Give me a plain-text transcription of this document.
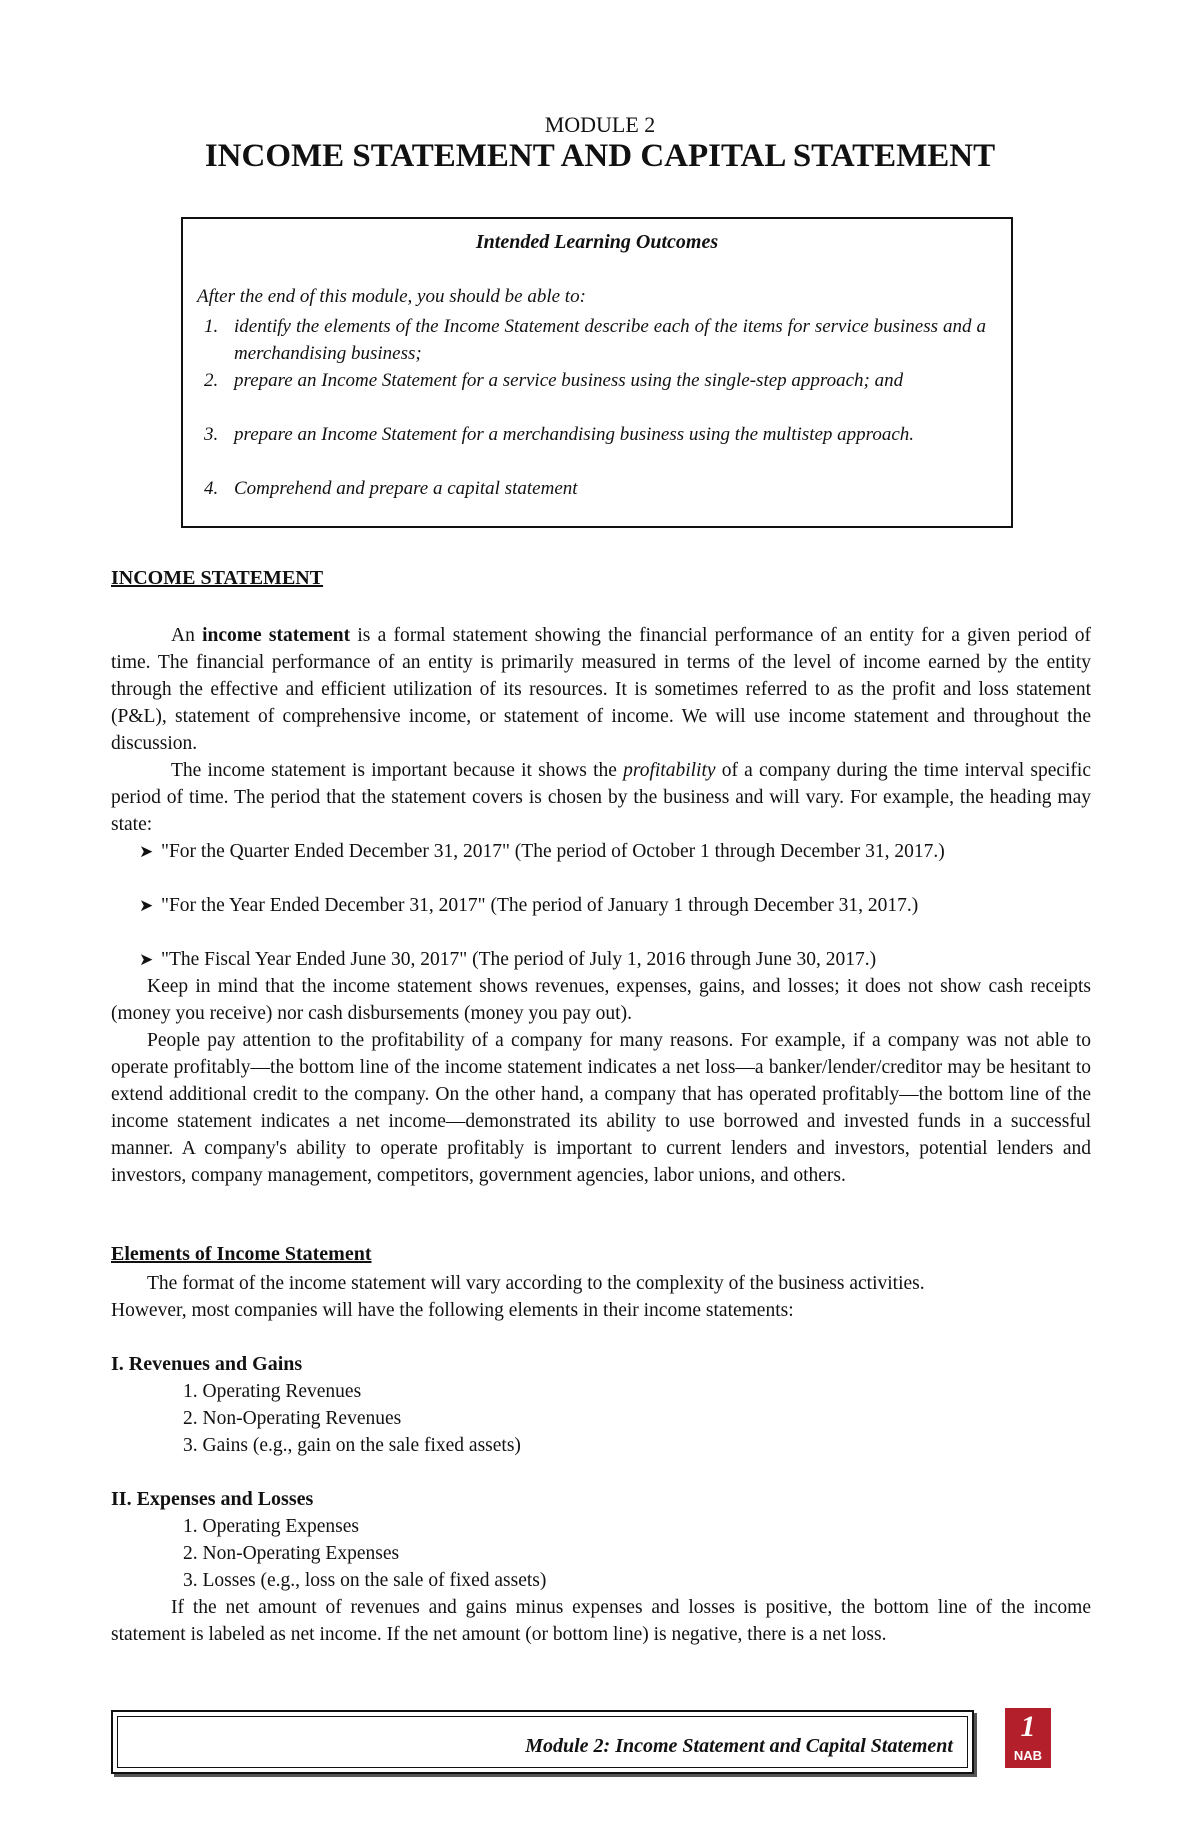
MODULE 2
INCOME STATEMENT AND CAPITAL STATEMENT
Intended Learning Outcomes
After the end of this module, you should be able to:
1. identify the elements of the Income Statement describe each of the items for service business and a merchandising business;
2. prepare an Income Statement for a service business using the single-step approach; and
3. prepare an Income Statement for a merchandising business using the multistep approach.
4. Comprehend and prepare a capital statement
INCOME STATEMENT
An income statement is a formal statement showing the financial performance of an entity for a given period of time. The financial performance of an entity is primarily measured in terms of the level of income earned by the entity through the effective and efficient utilization of its resources. It is sometimes referred to as the profit and loss statement (P&L), statement of comprehensive income, or statement of income. We will use income statement and throughout the discussion.
The income statement is important because it shows the profitability of a company during the time interval specific period of time. The period that the statement covers is chosen by the business and will vary. For example, the heading may state:
➤ "For the Quarter Ended December 31, 2017" (The period of October 1 through December 31, 2017.)
➤ "For the Year Ended December 31, 2017" (The period of January 1 through December 31, 2017.)
➤ "The Fiscal Year Ended June 30, 2017" (The period of July 1, 2016 through June 30, 2017.)
Keep in mind that the income statement shows revenues, expenses, gains, and losses; it does not show cash receipts (money you receive) nor cash disbursements (money you pay out).
People pay attention to the profitability of a company for many reasons. For example, if a company was not able to operate profitably—the bottom line of the income statement indicates a net loss—a banker/lender/creditor may be hesitant to extend additional credit to the company. On the other hand, a company that has operated profitably—the bottom line of the income statement indicates a net income—demonstrated its ability to use borrowed and invested funds in a successful manner. A company's ability to operate profitably is important to current lenders and investors, potential lenders and investors, company management, competitors, government agencies, labor unions, and others.
Elements of Income Statement
The format of the income statement will vary according to the complexity of the business activities.
However, most companies will have the following elements in their income statements:
I. Revenues and Gains
1. Operating Revenues
2. Non-Operating Revenues
3. Gains (e.g., gain on the sale fixed assets)
II. Expenses and Losses
1. Operating Expenses
2. Non-Operating Expenses
3. Losses (e.g., loss on the sale of fixed assets)
If the net amount of revenues and gains minus expenses and losses is positive, the bottom line of the income statement is labeled as net income. If the net amount (or bottom line) is negative, there is a net loss.
Module 2: Income Statement and Capital Statement
1
NAB
